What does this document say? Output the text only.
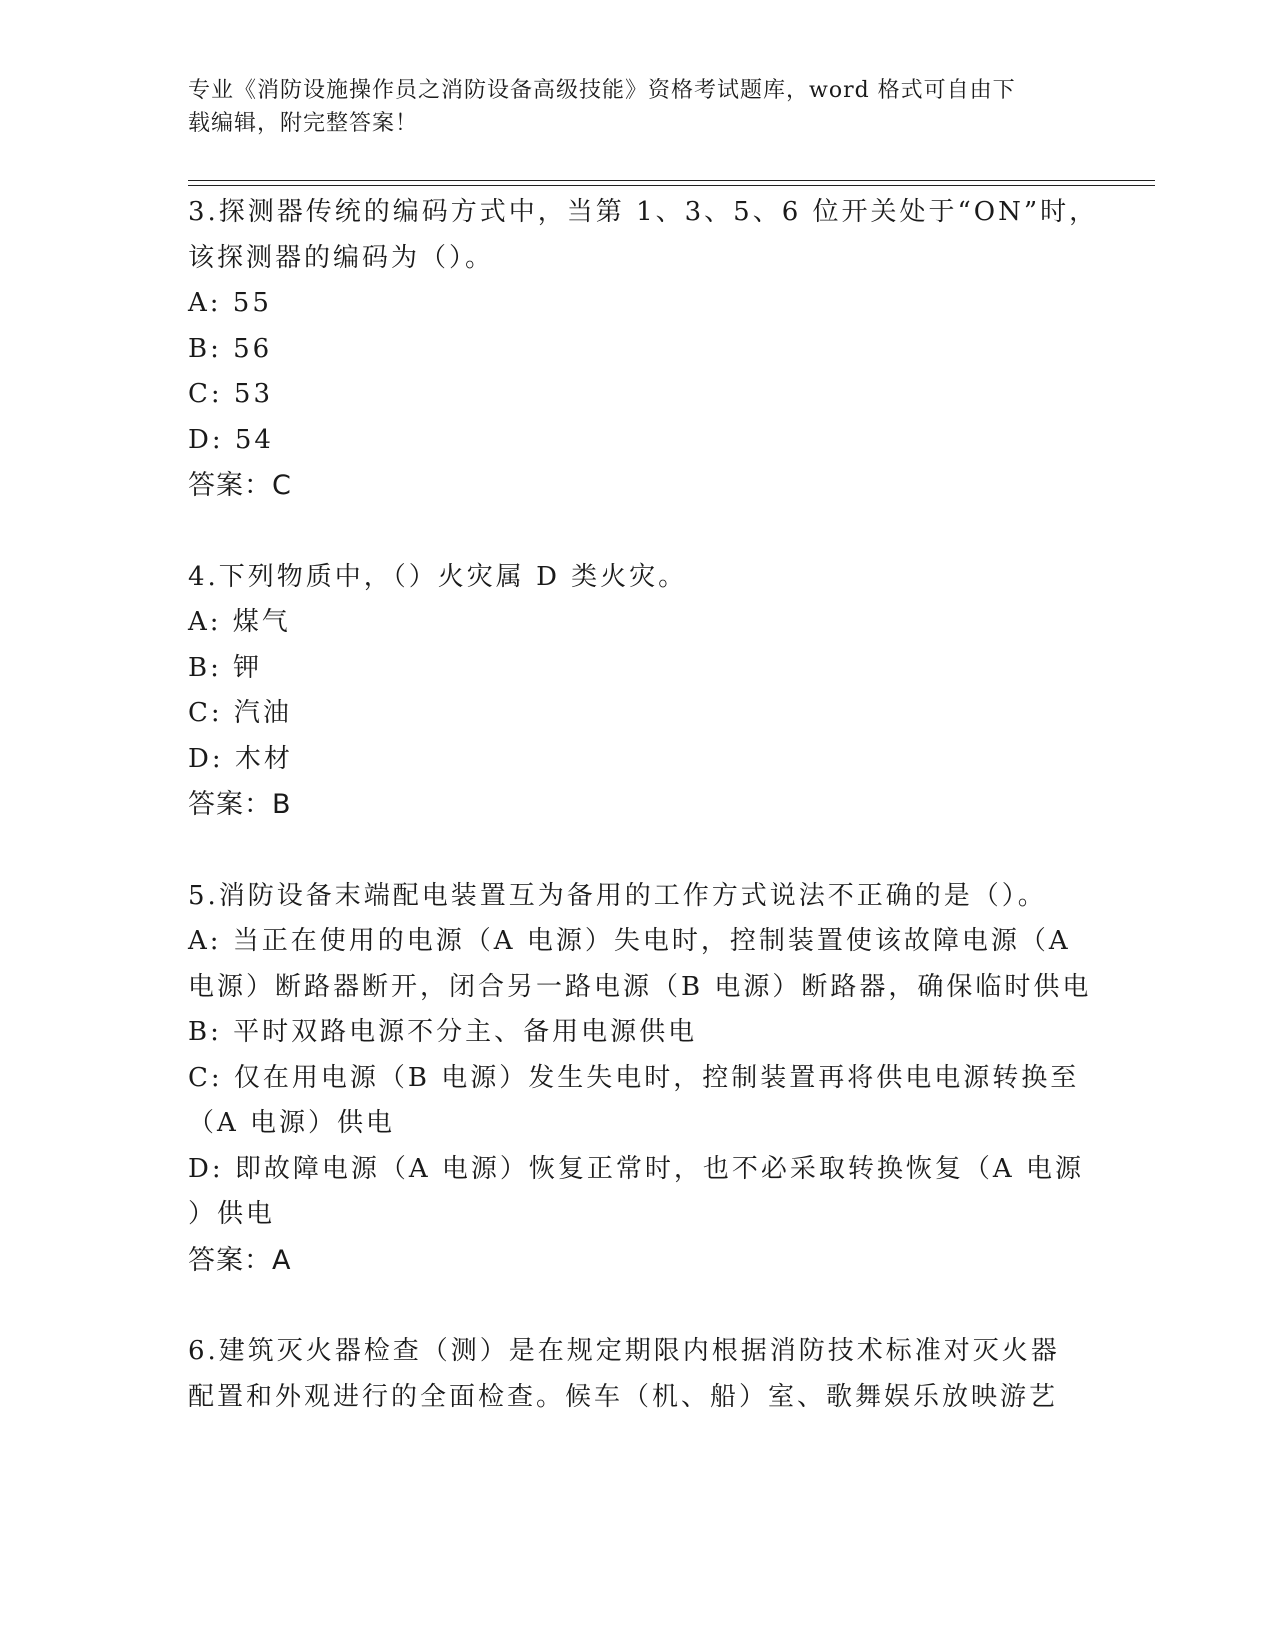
专业《消防设施操作员之消防设备高级技能》资格考试题库，word 格式可自由下
载编辑，附完整答案！
3.探测器传统的编码方式中，当第 1、3、5、6 位开关处于“ON”时，
该探测器的编码为（）。
A: 55
B: 56
C: 53
D: 54
答案：C
4.下列物质中，（）火灾属 D 类火灾。
A: 煤气
B: 钾
C: 汽油
D: 木材
答案：B
5.消防设备末端配电装置互为备用的工作方式说法不正确的是（）。
A: 当正在使用的电源（A 电源）失电时，控制装置使该故障电源（A
电源）断路器断开，闭合另一路电源（B 电源）断路器，确保临时供电
B: 平时双路电源不分主、备用电源供电
C: 仅在用电源（B 电源）发生失电时，控制装置再将供电电源转换至
（A 电源）供电
D: 即故障电源（A 电源）恢复正常时，也不必采取转换恢复（A 电源
）供电
答案：A
6.建筑灭火器检查（测）是在规定期限内根据消防技术标准对灭火器
配置和外观进行的全面检查。候车（机、船）室、歌舞娱乐放映游艺
